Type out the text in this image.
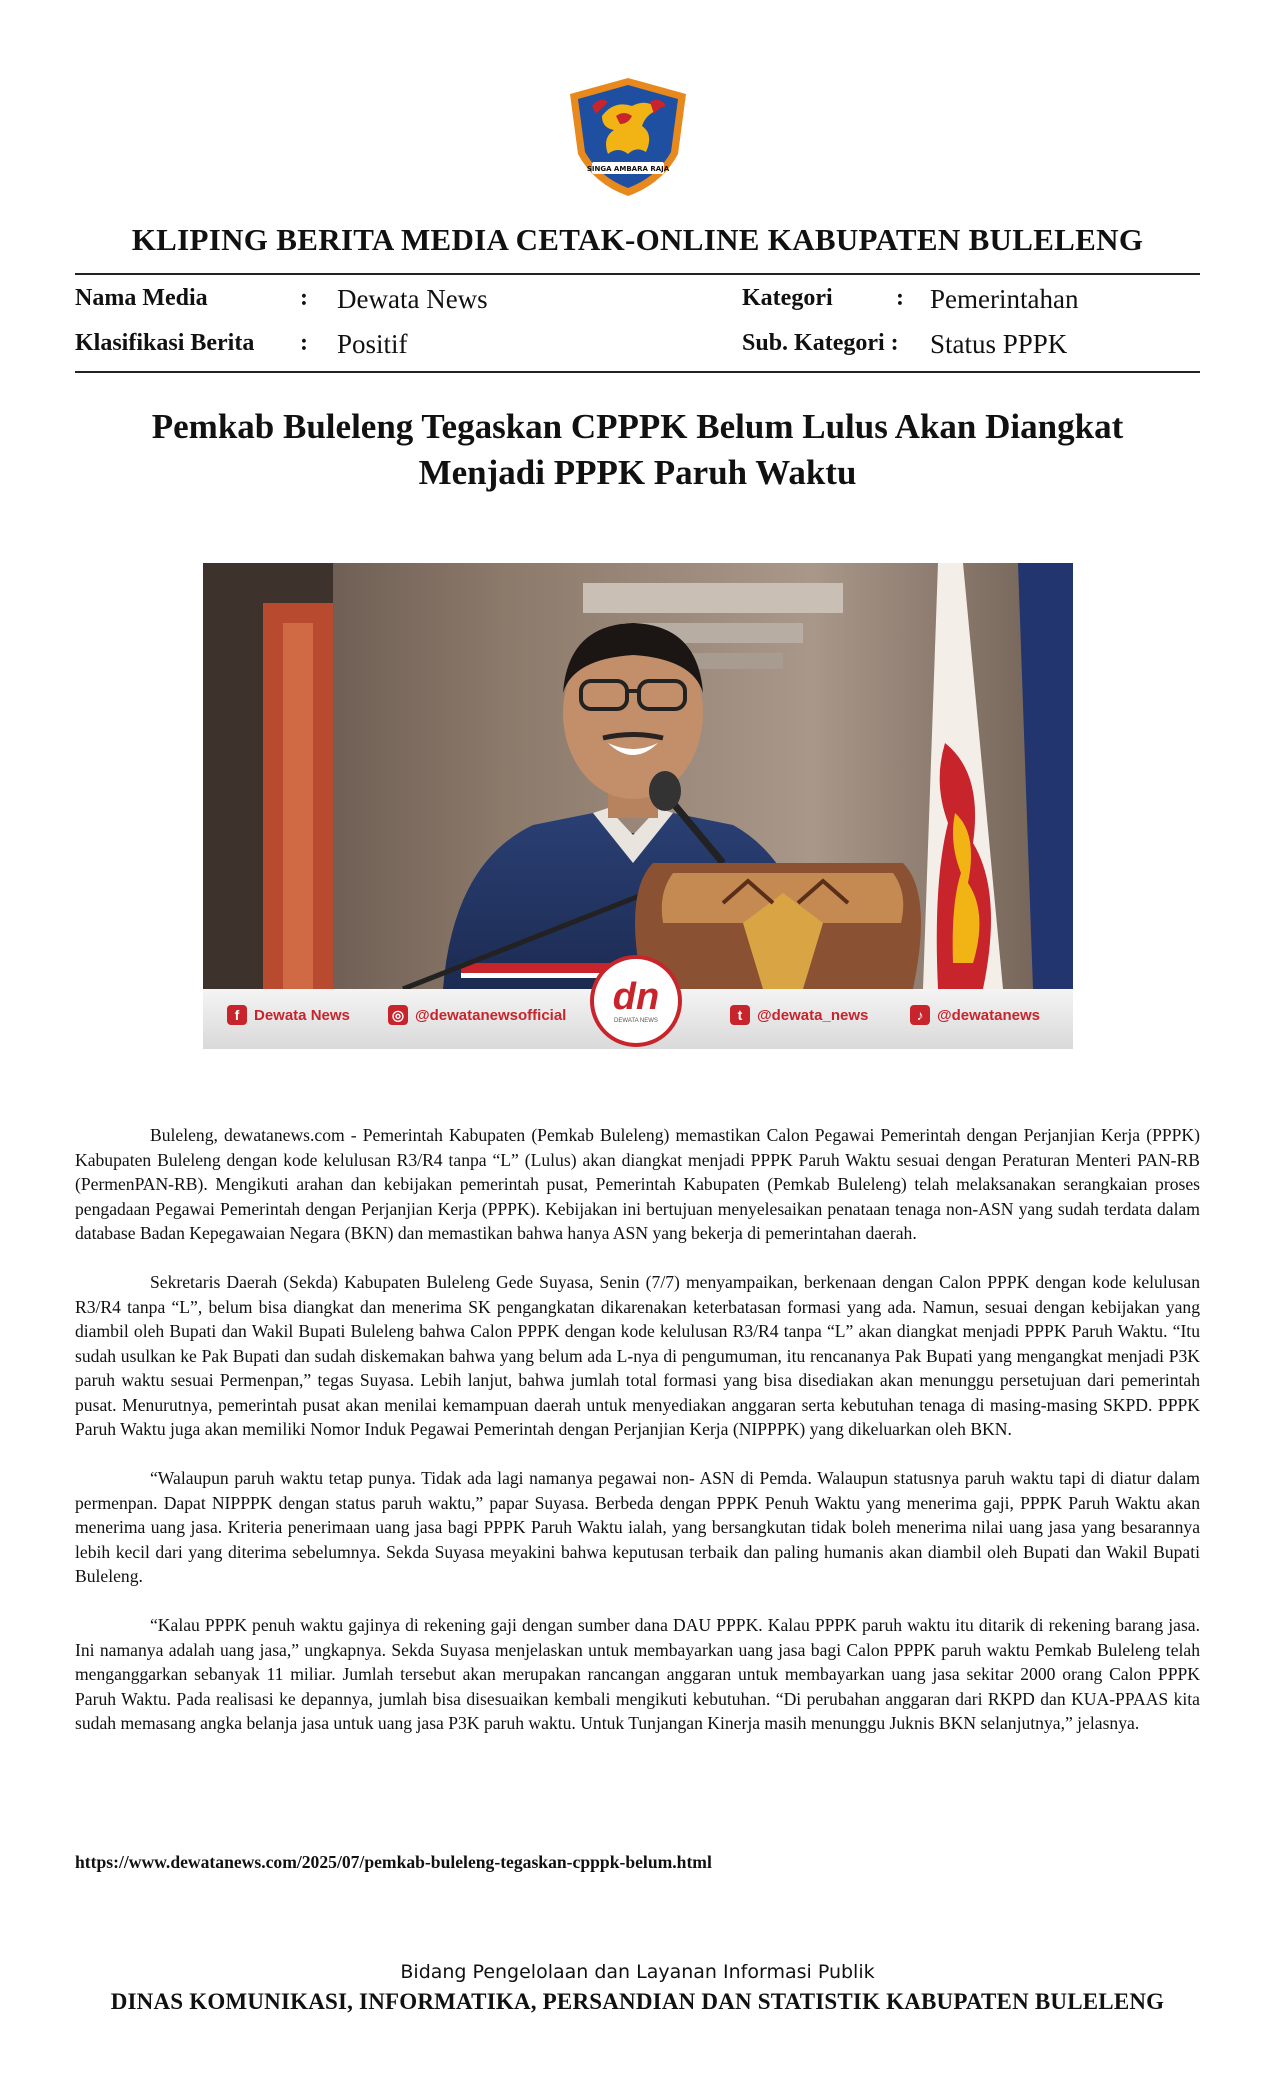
SINGA AMBARA RAJA
KLIPING BERITA MEDIA CETAK-ONLINE KABUPATEN BULELENG
Nama Media	: Dewata News
Klasifikasi Berita : Positif
Kategori	: Pemerintahan
Sub. Kategori : Status PPPK
Pemkab Buleleng Tegaskan CPPPK Belum Lulus Akan Diangkat
Menjadi PPPK Paruh Waktu
f Dewata News	◎ @dewatanewsofficial	t @dewata_news	♪ @dewatanews
dn
DEWATA NEWS

Buleleng, dewatanews.com - Pemerintah Kabupaten (Pemkab Buleleng) memastikan Calon Pegawai Pemerintah dengan Perjanjian Kerja (PPPK) Kabupaten Buleleng dengan kode kelulusan R3/R4 tanpa “L” (Lulus) akan diangkat menjadi PPPK Paruh Waktu sesuai dengan Peraturan Menteri PAN-RB (PermenPAN-RB). Mengikuti arahan dan kebijakan pemerintah pusat, Pemerintah Kabupaten (Pemkab Buleleng) telah melaksanakan serangkaian proses pengadaan Pegawai Pemerintah dengan Perjanjian Kerja (PPPK). Kebijakan ini bertujuan menyelesaikan penataan tenaga non-ASN yang sudah terdata dalam database Badan Kepegawaian Negara (BKN) dan memastikan bahwa hanya ASN yang bekerja di pemerintahan daerah.

Sekretaris Daerah (Sekda) Kabupaten Buleleng Gede Suyasa, Senin (7/7) menyampaikan, berkenaan dengan Calon PPPK dengan kode kelulusan R3/R4 tanpa “L”, belum bisa diangkat dan menerima SK pengangkatan dikarenakan keterbatasan formasi yang ada. Namun, sesuai dengan kebijakan yang diambil oleh Bupati dan Wakil Bupati Buleleng bahwa Calon PPPK dengan kode kelulusan R3/R4 tanpa “L” akan diangkat menjadi PPPK Paruh Waktu. “Itu sudah usulkan ke Pak Bupati dan sudah diskemakan bahwa yang belum ada L-nya di pengumuman, itu rencananya Pak Bupati yang mengangkat menjadi P3K paruh waktu sesuai Permenpan,” tegas Suyasa. Lebih lanjut, bahwa jumlah total formasi yang bisa disediakan akan menunggu persetujuan dari pemerintah pusat. Menurutnya, pemerintah pusat akan menilai kemampuan daerah untuk menyediakan anggaran serta kebutuhan tenaga di masing-masing SKPD. PPPK Paruh Waktu juga akan memiliki Nomor Induk Pegawai Pemerintah dengan Perjanjian Kerja (NIPPPK) yang dikeluarkan oleh BKN.

“Walaupun paruh waktu tetap punya. Tidak ada lagi namanya pegawai non- ASN di Pemda. Walaupun statusnya paruh waktu tapi di diatur dalam permenpan. Dapat NIPPPK dengan status paruh waktu,” papar Suyasa. Berbeda dengan PPPK Penuh Waktu yang menerima gaji, PPPK Paruh Waktu akan menerima uang jasa. Kriteria penerimaan uang jasa bagi PPPK Paruh Waktu ialah, yang bersangkutan tidak boleh menerima nilai uang jasa yang besarannya lebih kecil dari yang diterima sebelumnya. Sekda Suyasa meyakini bahwa keputusan terbaik dan paling humanis akan diambil oleh Bupati dan Wakil Bupati Buleleng.

“Kalau PPPK penuh waktu gajinya di rekening gaji dengan sumber dana DAU PPPK. Kalau PPPK paruh waktu itu ditarik di rekening barang jasa. Ini namanya adalah uang jasa,” ungkapnya. Sekda Suyasa menjelaskan untuk membayarkan uang jasa bagi Calon PPPK paruh waktu Pemkab Buleleng telah menganggarkan sebanyak 11 miliar. Jumlah tersebut akan merupakan rancangan anggaran untuk membayarkan uang jasa sekitar 2000 orang Calon PPPK Paruh Waktu. Pada realisasi ke depannya, jumlah bisa disesuaikan kembali mengikuti kebutuhan. “Di perubahan anggaran dari RKPD dan KUA-PPAAS kita sudah memasang angka belanja jasa untuk uang jasa P3K paruh waktu. Untuk Tunjangan Kinerja masih menunggu Juknis BKN selanjutnya,” jelasnya.

https://www.dewatanews.com/2025/07/pemkab-buleleng-tegaskan-cpppk-belum.html
Bidang Pengelolaan dan Layanan Informasi Publik
DINAS KOMUNIKASI, INFORMATIKA, PERSANDIAN DAN STATISTIK KABUPATEN BULELENG
